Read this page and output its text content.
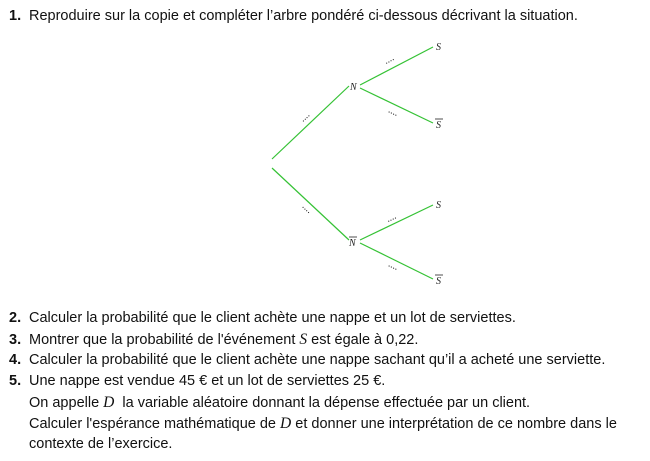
1. Reproduire sur la copie et compléter l’arbre pondéré ci-dessous décrivant la situation.
N
N
S
S
S
S
....
....
....
....
....
....
2. Calculer la probabilité que le client achète une nappe et un lot de serviettes.
3. Montrer que la probabilité de l'événement S est égale à 0,22.
4. Calculer la probabilité que le client achète une nappe sachant qu’il a acheté une serviette.
5. Une nappe est vendue 45 € et un lot de serviettes 25 €.
On appelle D  la variable aléatoire donnant la dépense effectuée par un client.
Calculer l'espérance mathématique de D et donner une interprétation de ce nombre dans le
contexte de l’exercice.
